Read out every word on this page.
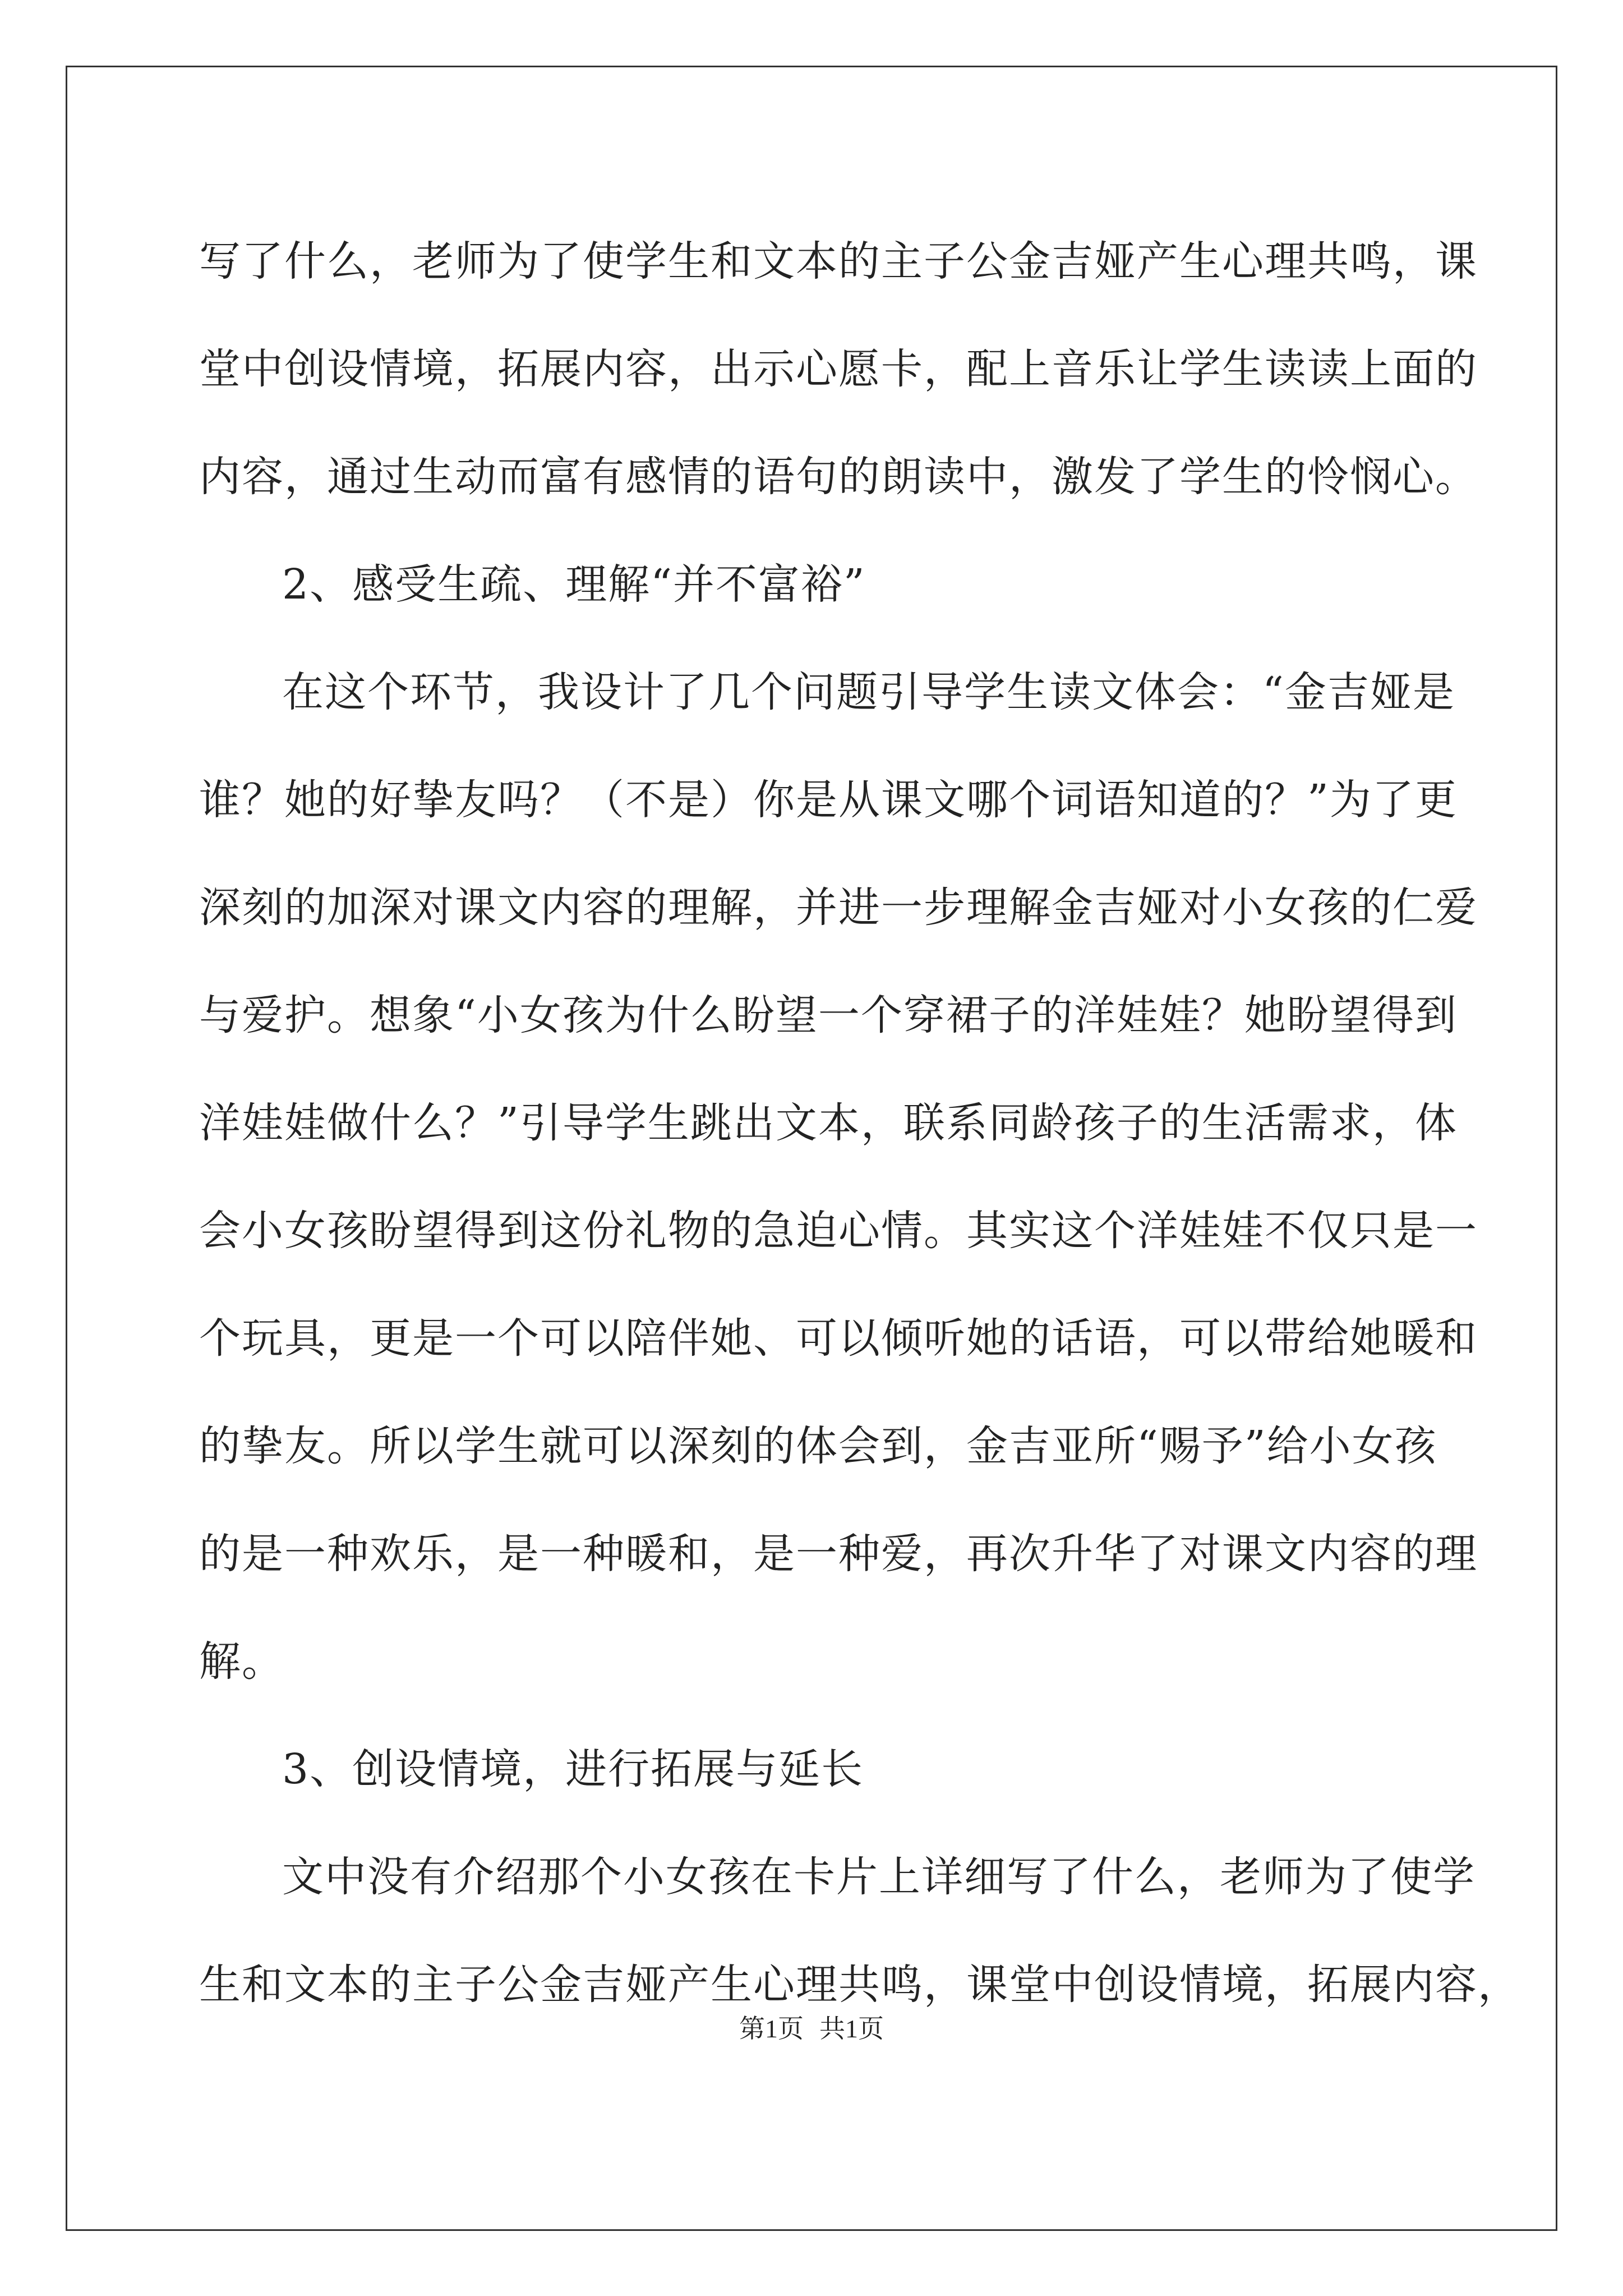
写了什么，老师为了使学生和文本的主子公金吉娅产生心理共鸣，课
堂中创设情境，拓展内容，出示心愿卡，配上音乐让学生读读上面的
内容，通过生动而富有感情的语句的朗读中，激发了学生的怜悯心。
2、感受生疏、理解“并不富裕”
在这个环节，我设计了几个问题引导学生读文体会：“金吉娅是
谁？她的好挚友吗？（不是）你是从课文哪个词语知道的？”为了更
深刻的加深对课文内容的理解，并进一步理解金吉娅对小女孩的仁爱
与爱护。想象“小女孩为什么盼望一个穿裙子的洋娃娃？她盼望得到
洋娃娃做什么？”引导学生跳出文本，联系同龄孩子的生活需求，体
会小女孩盼望得到这份礼物的急迫心情。其实这个洋娃娃不仅只是一
个玩具，更是一个可以陪伴她、可以倾听她的话语，可以带给她暖和
的挚友。所以学生就可以深刻的体会到，金吉亚所“赐予”给小女孩
的是一种欢乐，是一种暖和，是一种爱，再次升华了对课文内容的理
解。
3、创设情境，进行拓展与延长
文中没有介绍那个小女孩在卡片上详细写了什么，老师为了使学
生和文本的主子公金吉娅产生心理共鸣，课堂中创设情境，拓展内容，
第1页 共1页
